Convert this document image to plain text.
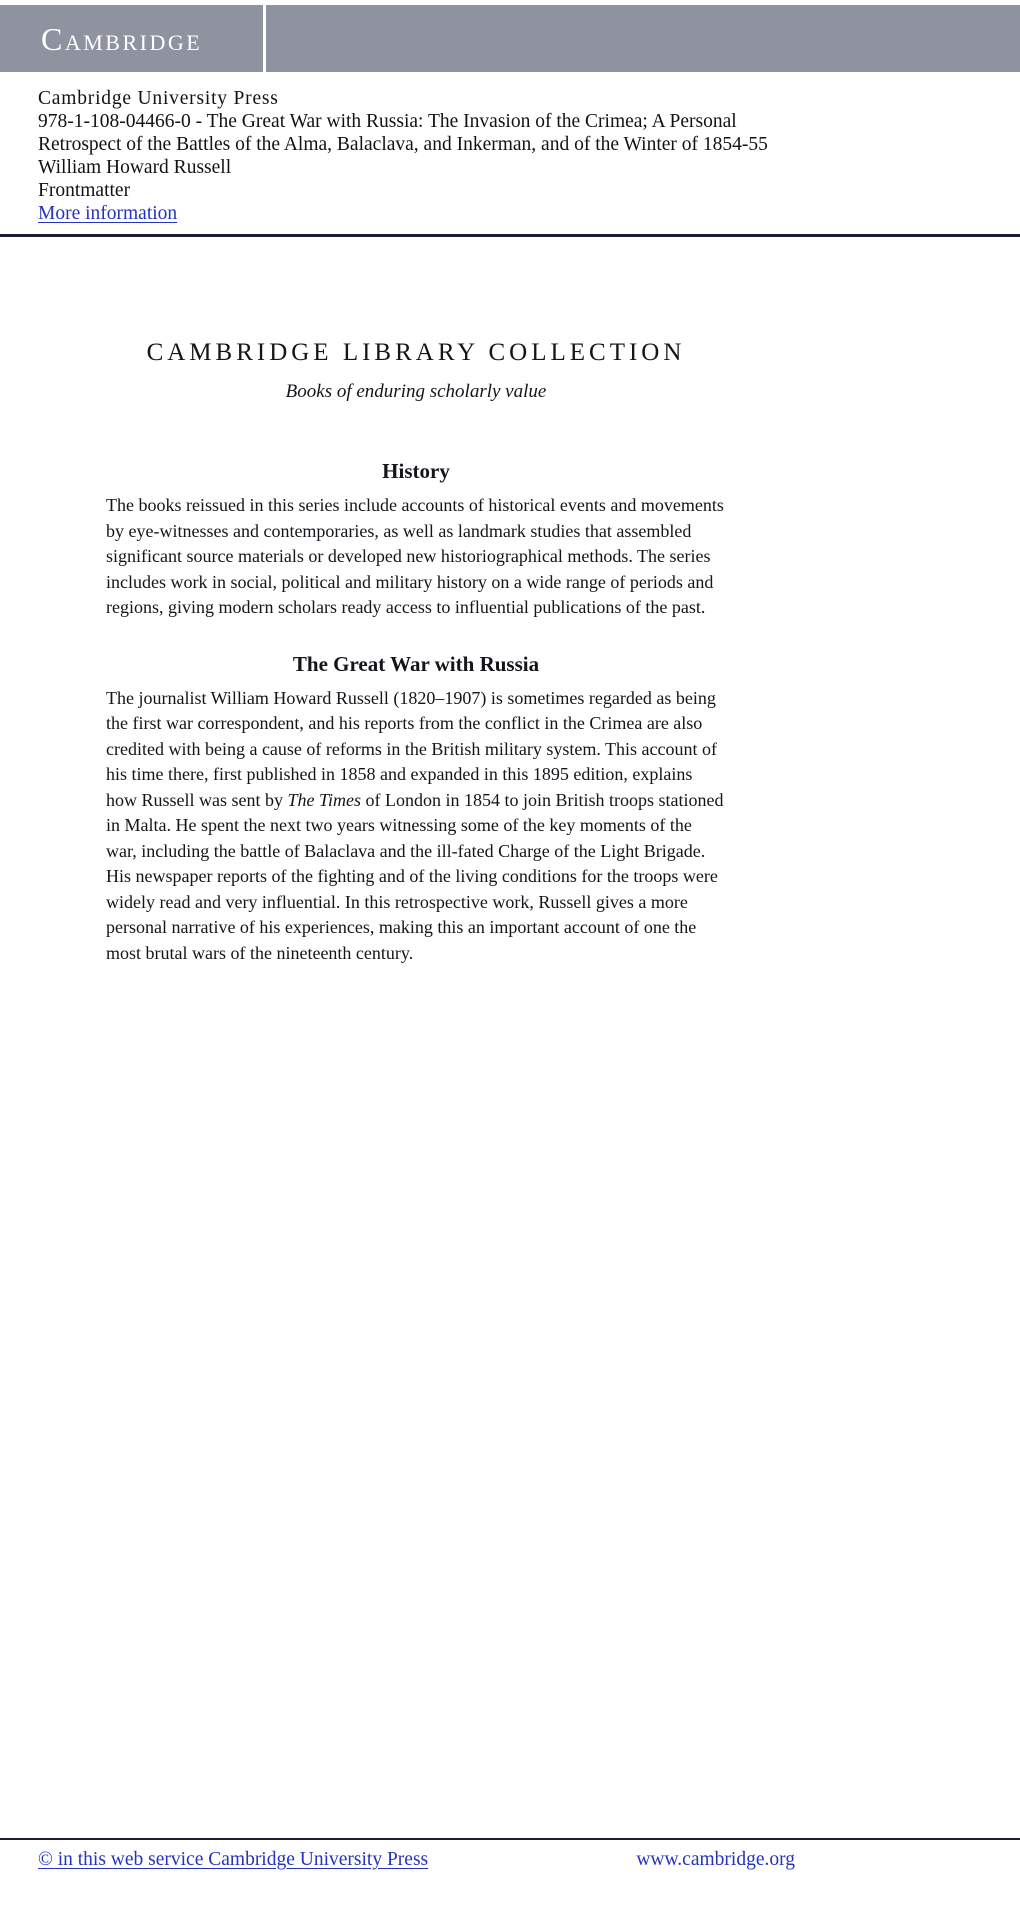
Cambridge
Cambridge University Press
978-1-108-04466-0 - The Great War with Russia: The Invasion of the Crimea; A Personal
Retrospect of the Battles of the Alma, Balaclava, and Inkerman, and of the Winter of 1854-55
William Howard Russell
Frontmatter
More information
CAMBRIDGE LIBRARY COLLECTION
Books of enduring scholarly value
History

The books reissued in this series include accounts of historical events and movements by eye-witnesses and contemporaries, as well as landmark studies that assembled significant source materials or developed new historiographical methods. The series includes work in social, political and military history on a wide range of periods and regions, giving modern scholars ready access to influential publications of the past.

The Great War with Russia

The journalist William Howard Russell (1820–1907) is sometimes regarded as being the first war correspondent, and his reports from the conflict in the Crimea are also credited with being a cause of reforms in the British military system. This account of his time there, first published in 1858 and expanded in this 1895 edition, explains how Russell was sent by The Times of London in 1854 to join British troops stationed in Malta. He spent the next two years witnessing some of the key moments of the war, including the battle of Balaclava and the ill-fated Charge of the Light Brigade. His newspaper reports of the fighting and of the living conditions for the troops were widely read and very influential. In this retrospective work, Russell gives a more personal narrative of his experiences, making this an important account of one the most brutal wars of the nineteenth century.

© in this web service Cambridge University Press	www.cambridge.org
